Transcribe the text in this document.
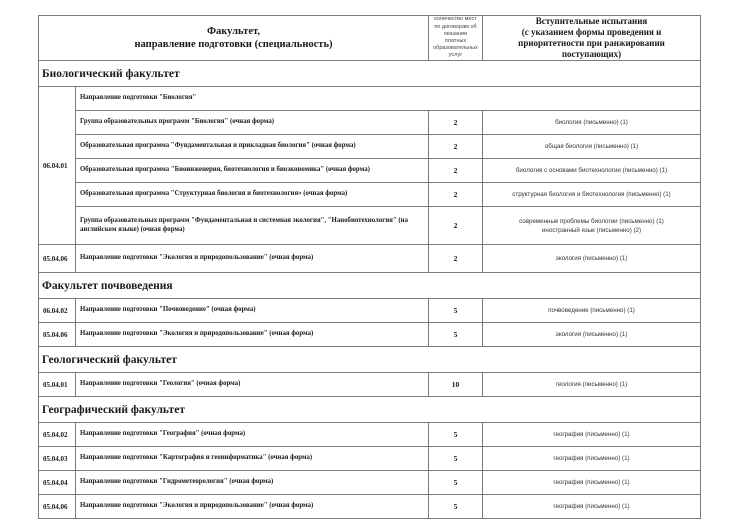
Факультет,
направление подготовки (специальность)		количество мест по договорам об оказании платных образовательных услуг	Вступительные испытания
(с указанием формы проведения и
приоритетности при ранжировании
поступающих)

Биологический факультет			
06.04.01	Направление подготовки "Биология"		
	Группа образовательных программ "Биология" (очная форма)	2	биология (письменно) (1)
	Образовательная программа "Фундаментальная и прикладная биология" (очная форма)	2	общая биология (письменно) (1)
	Образовательная программа "Биоинженерия, биотехнология и биоэкономика" (очная форма)	2	биология с основами биотехнологии (письменно) (1)
	Образовательная программа "Структурная биология и биотехнология» (очная форма)	2	структурная биология и биотехнология (письменно) (1)
	Группа образовательных программ "Фундаментальная и системная экология", "Нанобиотехнология" (на английском языке) (очная форма)	2	современные проблемы биологии (письменно) (1)
иностранный язык (письменно) (2)

05.04.06	Направление подготовки "Экология и природопользование" (очная форма)	2	экология (письменно) (1)
Факультет почвоведения			
06.04.02	Направление подготовки "Почвоведение" (очная форма)	5	почвоведение (письменно) (1)
05.04.06	Направление подготовки "Экология и природопользование" (очная форма)	5	экология (письменно) (1)
Геологический факультет			
05.04.01	Направление подготовки "Геология" (очная форма)	10	геология (письменно) (1)
Географический факультет			
05.04.02	Направление подготовки "География" (очная форма)	5	география (письменно) (1)
05.04.03	Направление подготовки "Картография и геоинформатика" (очная форма)	5	география (письменно) (1)
05.04.04	Направление подготовки "Гидрометеорология" (очная форма)	5	география (письменно) (1)
05.04.06	Направление подготовки "Экология и природопользование" (очная форма)	5	география (письменно) (1)
